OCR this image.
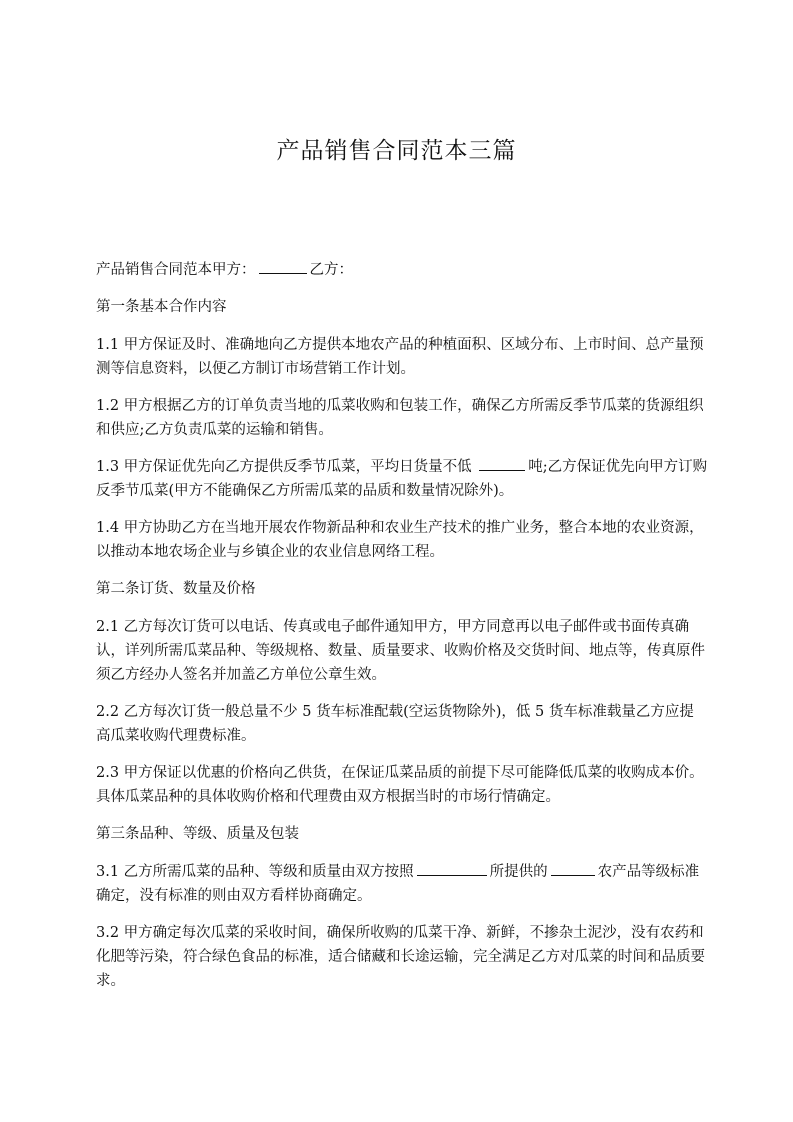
产品销售合同范本三篇

产品销售合同范本甲方：	乙方：

第一条基本合作内容

1.1 甲方保证及时、准确地向乙方提供本地农产品的种植面积、区域分布、上市时间、总产量预测等信息资料，以便乙方制订市场营销工作计划。

1.2 甲方根据乙方的订单负责当地的瓜菜收购和包装工作，确保乙方所需反季节瓜菜的货源组织和供应;乙方负责瓜菜的运输和销售。

1.3 甲方保证优先向乙方提供反季节瓜菜，平均日货量不低	吨;乙方保证优先向甲方订购反季节瓜菜(甲方不能确保乙方所需瓜菜的品质和数量情况除外)。

1.4 甲方协助乙方在当地开展农作物新品种和农业生产技术的推广业务，整合本地的农业资源，以推动本地农场企业与乡镇企业的农业信息网络工程。

第二条订货、数量及价格

2.1 乙方每次订货可以电话、传真或电子邮件通知甲方，甲方同意再以电子邮件或书面传真确认，详列所需瓜菜品种、等级规格、数量、质量要求、收购价格及交货时间、地点等，传真原件须乙方经办人签名并加盖乙方单位公章生效。

2.2 乙方每次订货一般总量不少 5 货车标准配载(空运货物除外)，低 5 货车标准载量乙方应提高瓜菜收购代理费标准。

2.3 甲方保证以优惠的价格向乙供货，在保证瓜菜品质的前提下尽可能降低瓜菜的收购成本价。具体瓜菜品种的具体收购价格和代理费由双方根据当时的市场行情确定。

第三条品种、等级、质量及包装

3.1 乙方所需瓜菜的品种、等级和质量由双方按照	所提供的	农产品等级标准确定，没有标准的则由双方看样协商确定。

3.2 甲方确定每次瓜菜的采收时间，确保所收购的瓜菜干净、新鲜，不掺杂土泥沙，没有农药和化肥等污染，符合绿色食品的标准，适合储藏和长途运输，完全满足乙方对瓜菜的时间和品质要求。
